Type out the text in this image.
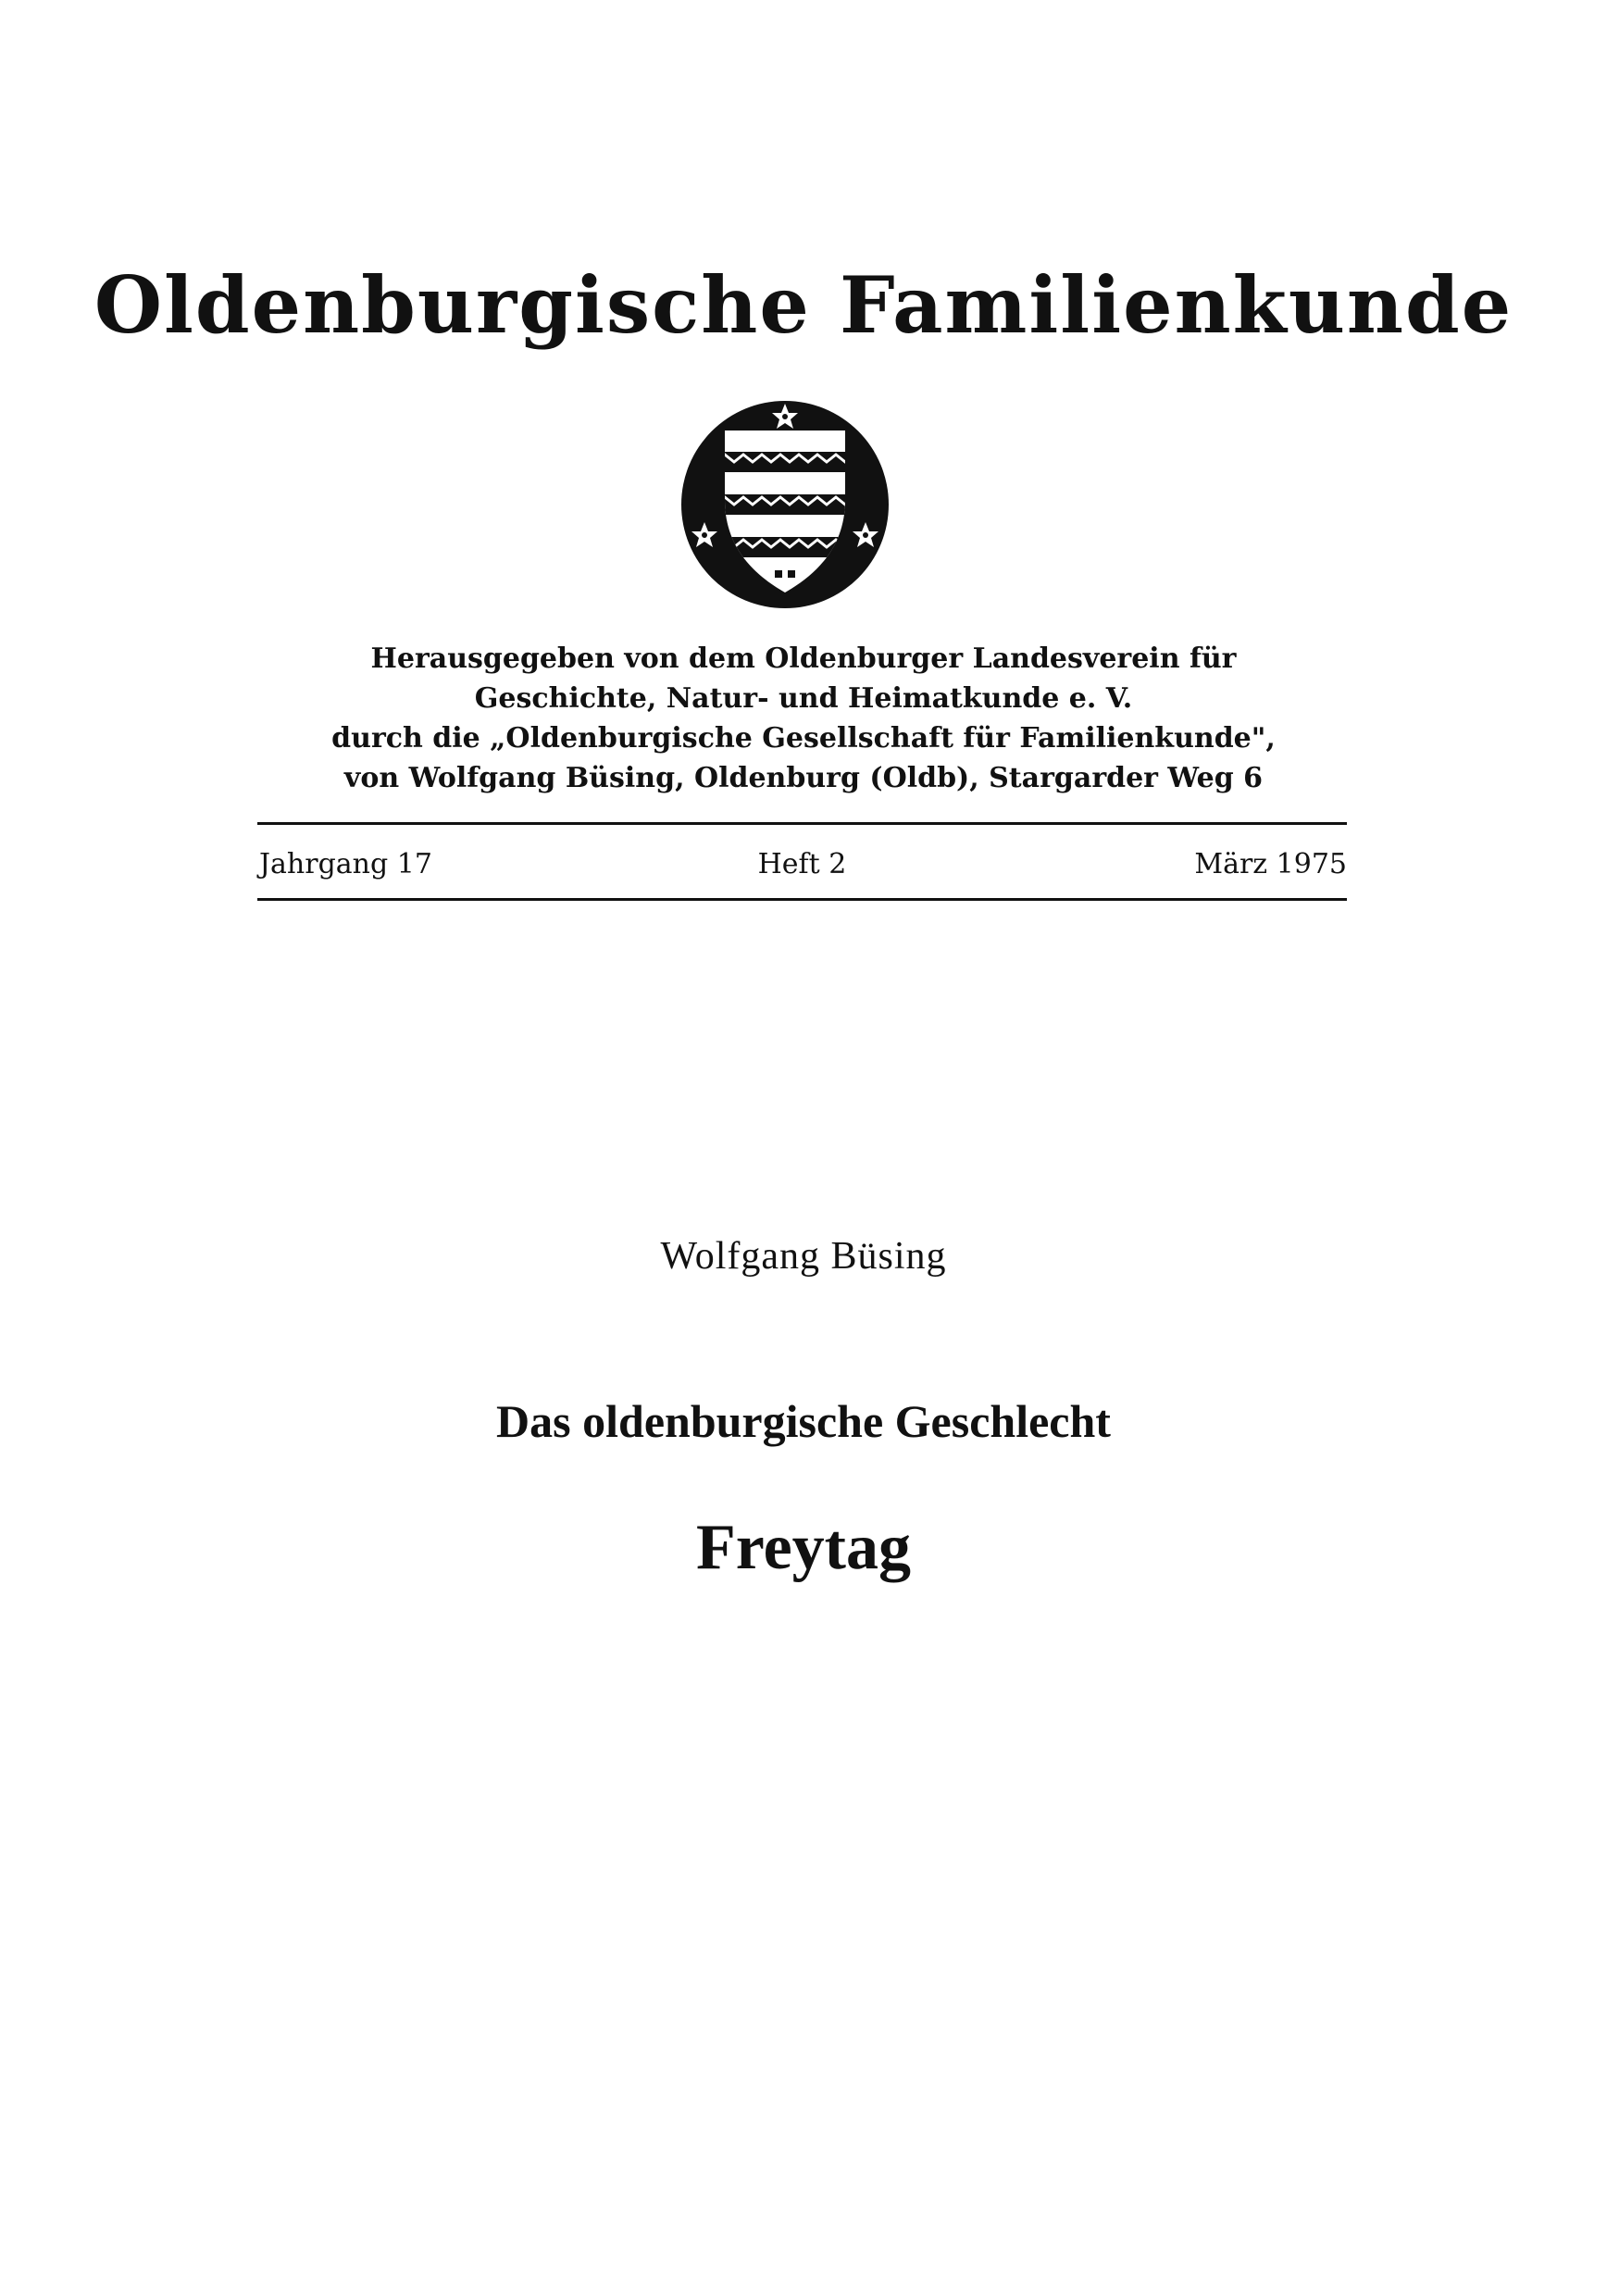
Oldenburgische Familienkunde
Herausgegeben von dem Oldenburger Landesverein für
Geschichte, Natur- und Heimatkunde e. V.
durch die „Oldenburgische Gesellschaft für Familienkunde",
von Wolfgang Büsing, Oldenburg (Oldb), Stargarder Weg 6
Jahrgang 17	Heft 2	März 1975
Wolfgang Büsing
Das oldenburgische Geschlecht
Freytag
